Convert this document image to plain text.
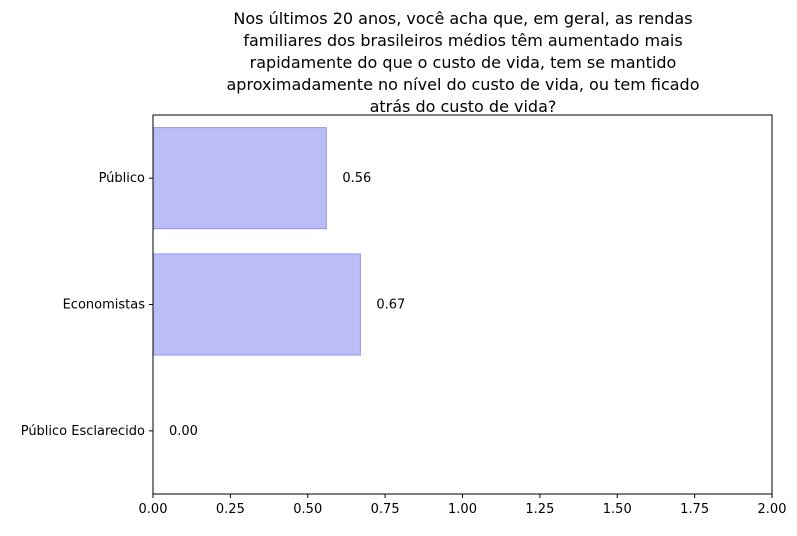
Nos últimos 20 anos, você acha que, em geral, as rendas
familiares dos brasileiros médios têm aumentado mais
rapidamente do que o custo de vida, tem se mantido
aproximadamente no nível do custo de vida, ou tem ficado
atrás do custo de vida?
0.56
0.67
0.00
Público
Economistas
Público Esclarecido
0.00	0.25	0.50	0.75	1.00	1.25	1.50	1.75	2.00
